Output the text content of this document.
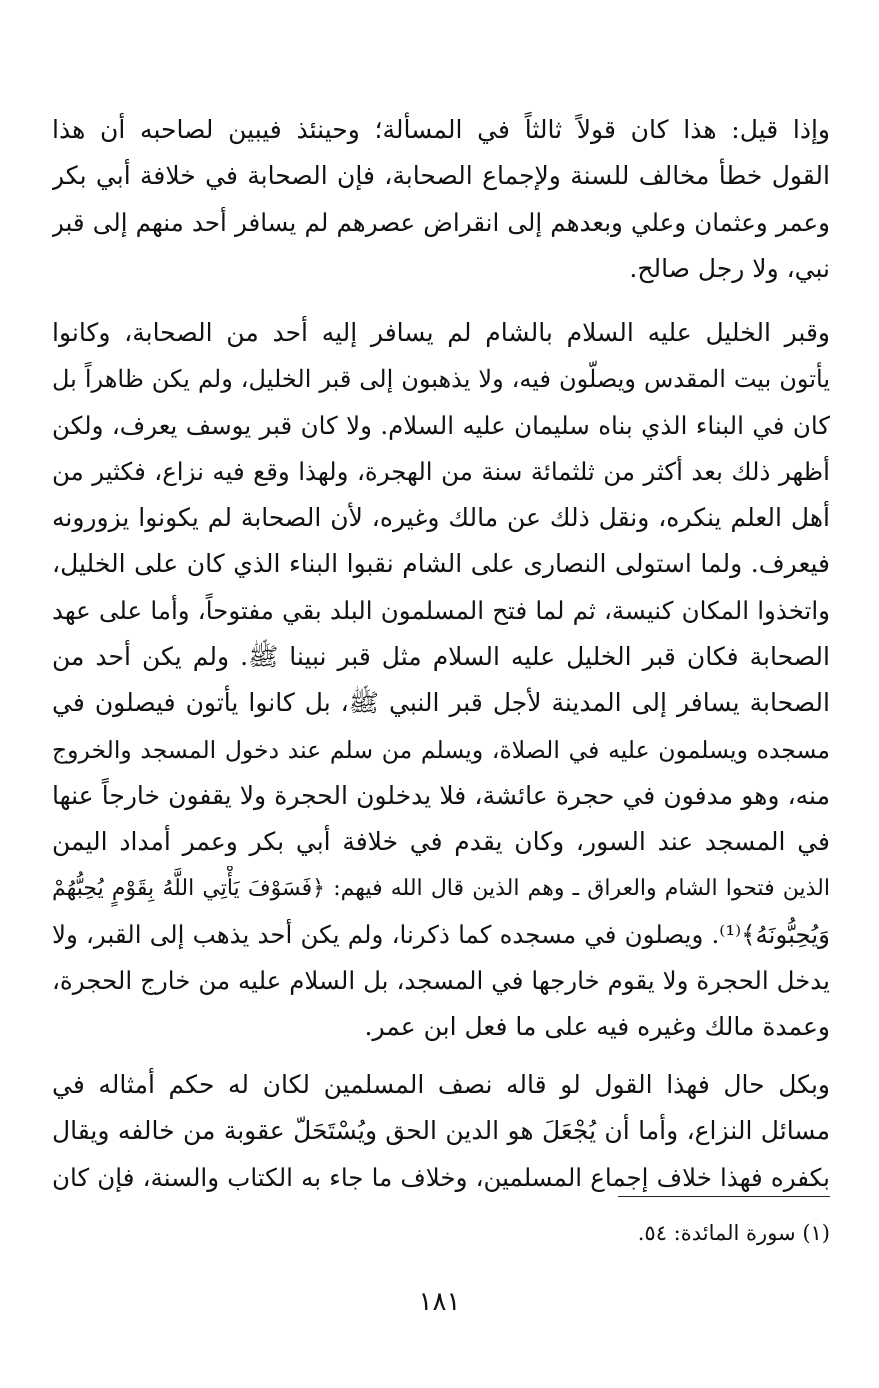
وإذا قيل: هذا كان قولاً ثالثاً في المسألة؛ وحينئذ فيبين لصاحبه أن هذا
القول خطأ مخالف للسنة ولإجماع الصحابة، فإن الصحابة في خلافة أبي بكر
وعمر وعثمان وعلي وبعدهم إلى انقراض عصرهم لم يسافر أحد منهم إلى قبر
نبي، ولا رجل صالح.
وقبر الخليل عليه السلام بالشام لم يسافر إليه أحد من الصحابة، وكانوا
يأتون بيت المقدس ويصلّون فيه، ولا يذهبون إلى قبر الخليل، ولم يكن ظاهراً بل
كان في البناء الذي بناه سليمان عليه السلام. ولا كان قبر يوسف يعرف، ولكن
أظهر ذلك بعد أكثر من ثلثمائة سنة من الهجرة، ولهذا وقع فيه نزاع، فكثير من
أهل العلم ينكره، ونقل ذلك عن مالك وغيره، لأن الصحابة لم يكونوا يزورونه
فيعرف. ولما استولى النصارى على الشام نقبوا البناء الذي كان على الخليل،
واتخذوا المكان كنيسة، ثم لما فتح المسلمون البلد بقي مفتوحاً، وأما على عهد
الصحابة فكان قبر الخليل عليه السلام مثل قبر نبينا ﷺ. ولم يكن أحد من
الصحابة يسافر إلى المدينة لأجل قبر النبي ﷺ، بل كانوا يأتون فيصلون في
مسجده ويسلمون عليه في الصلاة، ويسلم من سلم عند دخول المسجد والخروج
منه، وهو مدفون في حجرة عائشة، فلا يدخلون الحجرة ولا يقفون خارجاً عنها
في المسجد عند السور، وكان يقدم في خلافة أبي بكر وعمر أمداد اليمن
الذين فتحوا الشام والعراق ـ وهم الذين قال الله فيهم: ﴿فَسَوْفَ يَأْتِي اللَّهُ بِقَوْمٍ يُحِبُّهُمْ
وَيُحِبُّونَهُ﴾⁽¹⁾. ويصلون في مسجده كما ذكرنا، ولم يكن أحد يذهب إلى القبر، ولا
يدخل الحجرة ولا يقوم خارجها في المسجد، بل السلام عليه من خارج الحجرة،
وعمدة مالك وغيره فيه على ما فعل ابن عمر.
وبكل حال فهذا القول لو قاله نصف المسلمين لكان له حكم أمثاله في
مسائل النزاع، وأما أن يُجْعَلَ هو الدين الحق ويُسْتَحَلّ عقوبة من خالفه ويقال
بكفره فهذا خلاف إجماع المسلمين، وخلاف ما جاء به الكتاب والسنة، فإن كان
(١) سورة المائدة: ٥٤.
١٨١
